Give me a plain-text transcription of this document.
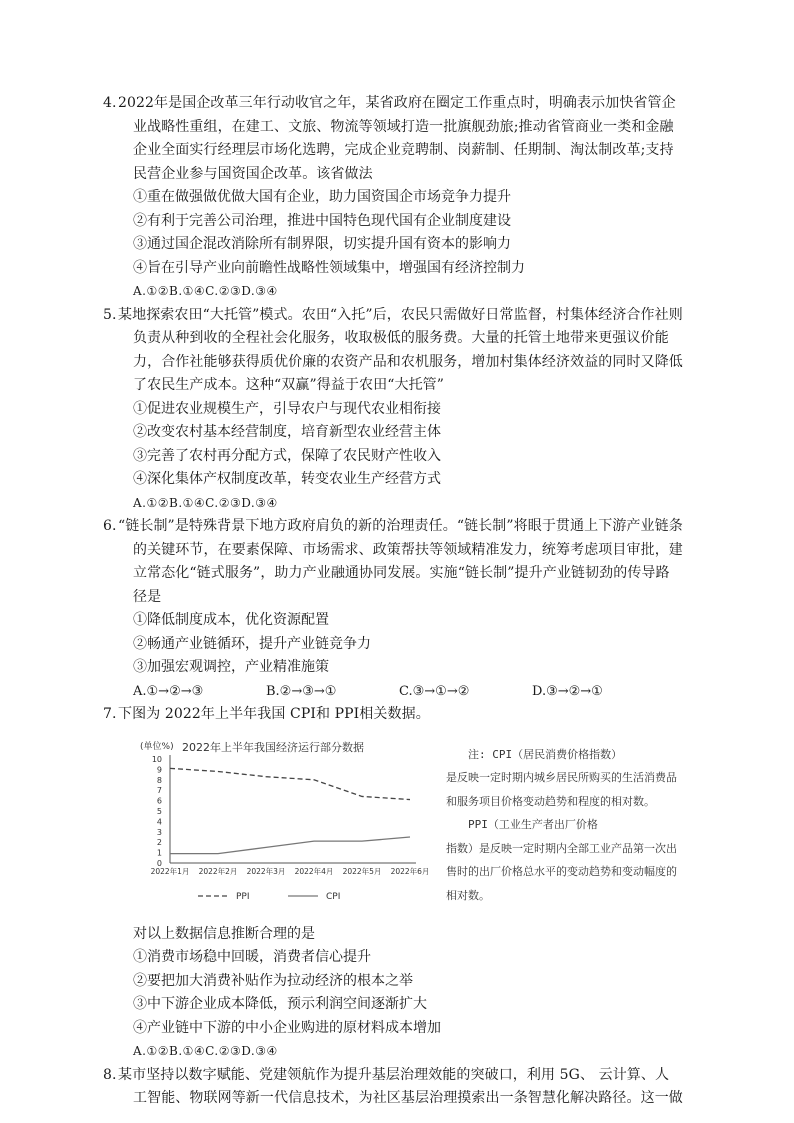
4.2022年是国企改革三年行动收官之年，某省政府在圈定工作重点时，明确表示加快省管企业战略性重组，在建工、文旅、物流等领域打造一批旗舰劲旅;推动省管商业一类和金融企业全面实行经理层市场化选聘，完成企业竞聘制、岗薪制、任期制、淘汰制改革;支持民营企业参与国资国企改革。该省做法

①重在做强做优做大国有企业，助力国资国企市场竞争力提升

②有利于完善公司治理，推进中国特色现代国有企业制度建设

③通过国企混改消除所有制界限，切实提升国有资本的影响力

④旨在引导产业向前瞻性战略性领域集中，增强国有经济控制力

A.①②B.①④C.②③D.③④

5.某地探索农田“大托管”模式。农田“入托”后，农民只需做好日常监督，村集体经济合作社则负责从种到收的全程社会化服务，收取极低的服务费。大量的托管土地带来更强议价能力，合作社能够获得质优价廉的农资产品和农机服务，增加村集体经济效益的同时又降低了农民生产成本。这种“双赢”得益于农田“大托管”

①促进农业规模生产，引导农户与现代农业相衔接

②改变农村基本经营制度，培育新型农业经营主体

③完善了农村再分配方式，保障了农民财产性收入

④深化集体产权制度改革，转变农业生产经营方式

A.①②B.①④C.②③D.③④

6.“链长制”是特殊背景下地方政府肩负的新的治理责任。“链长制”将眼于贯通上下游产业链条的关键环节，在要素保障、市场需求、政策帮扶等领域精准发力，统筹考虑项目审批，建立常态化“链式服务”，助力产业融通协同发展。实施“链长制”提升产业链韧劲的传导路径是

①降低制度成本，优化资源配置

②畅通产业链循环，提升产业链竞争力

③加强宏观调控，产业精准施策

A.①→②→③	B.②→③→①	C.③→①→②	D.③→②→①

7.下图为 2022年上半年我国 CPI和 PPI相关数据。

2022年上半年我国经济运行部分数据
(单位%)
0
1
2
3
4
5
6
7
8
9
10
2022年1月 2022年2月 2022年3月 2022年4月 2022年5月 2022年6月
PPI	CPI

注: CPI（居民消费价格指数）

是反映一定时期内城乡居民所购买的生活消费品和服务项目价格变动趋势和程度的相对数。

PPI（工业生产者出厂价格

指数）是反映一定时期内全部工业产品第一次出售时的出厂价格总水平的变动趋势和变动幅度的相对数。

对以上数据信息推断合理的是

①消费市场稳中回暖，消费者信心提升

②要把加大消费补贴作为拉动经济的根本之举

③中下游企业成本降低，预示利润空间逐渐扩大

④产业链中下游的中小企业购进的原材料成本增加

A.①②B.①④C.②③D.③④

8.某市坚持以数字赋能、党建领航作为提升基层治理效能的突破口，利用 5G、 云计算、人工智能、物联网等新一代信息技术，为社区基层治理摸索出一条智慧化解决路径。这一做
